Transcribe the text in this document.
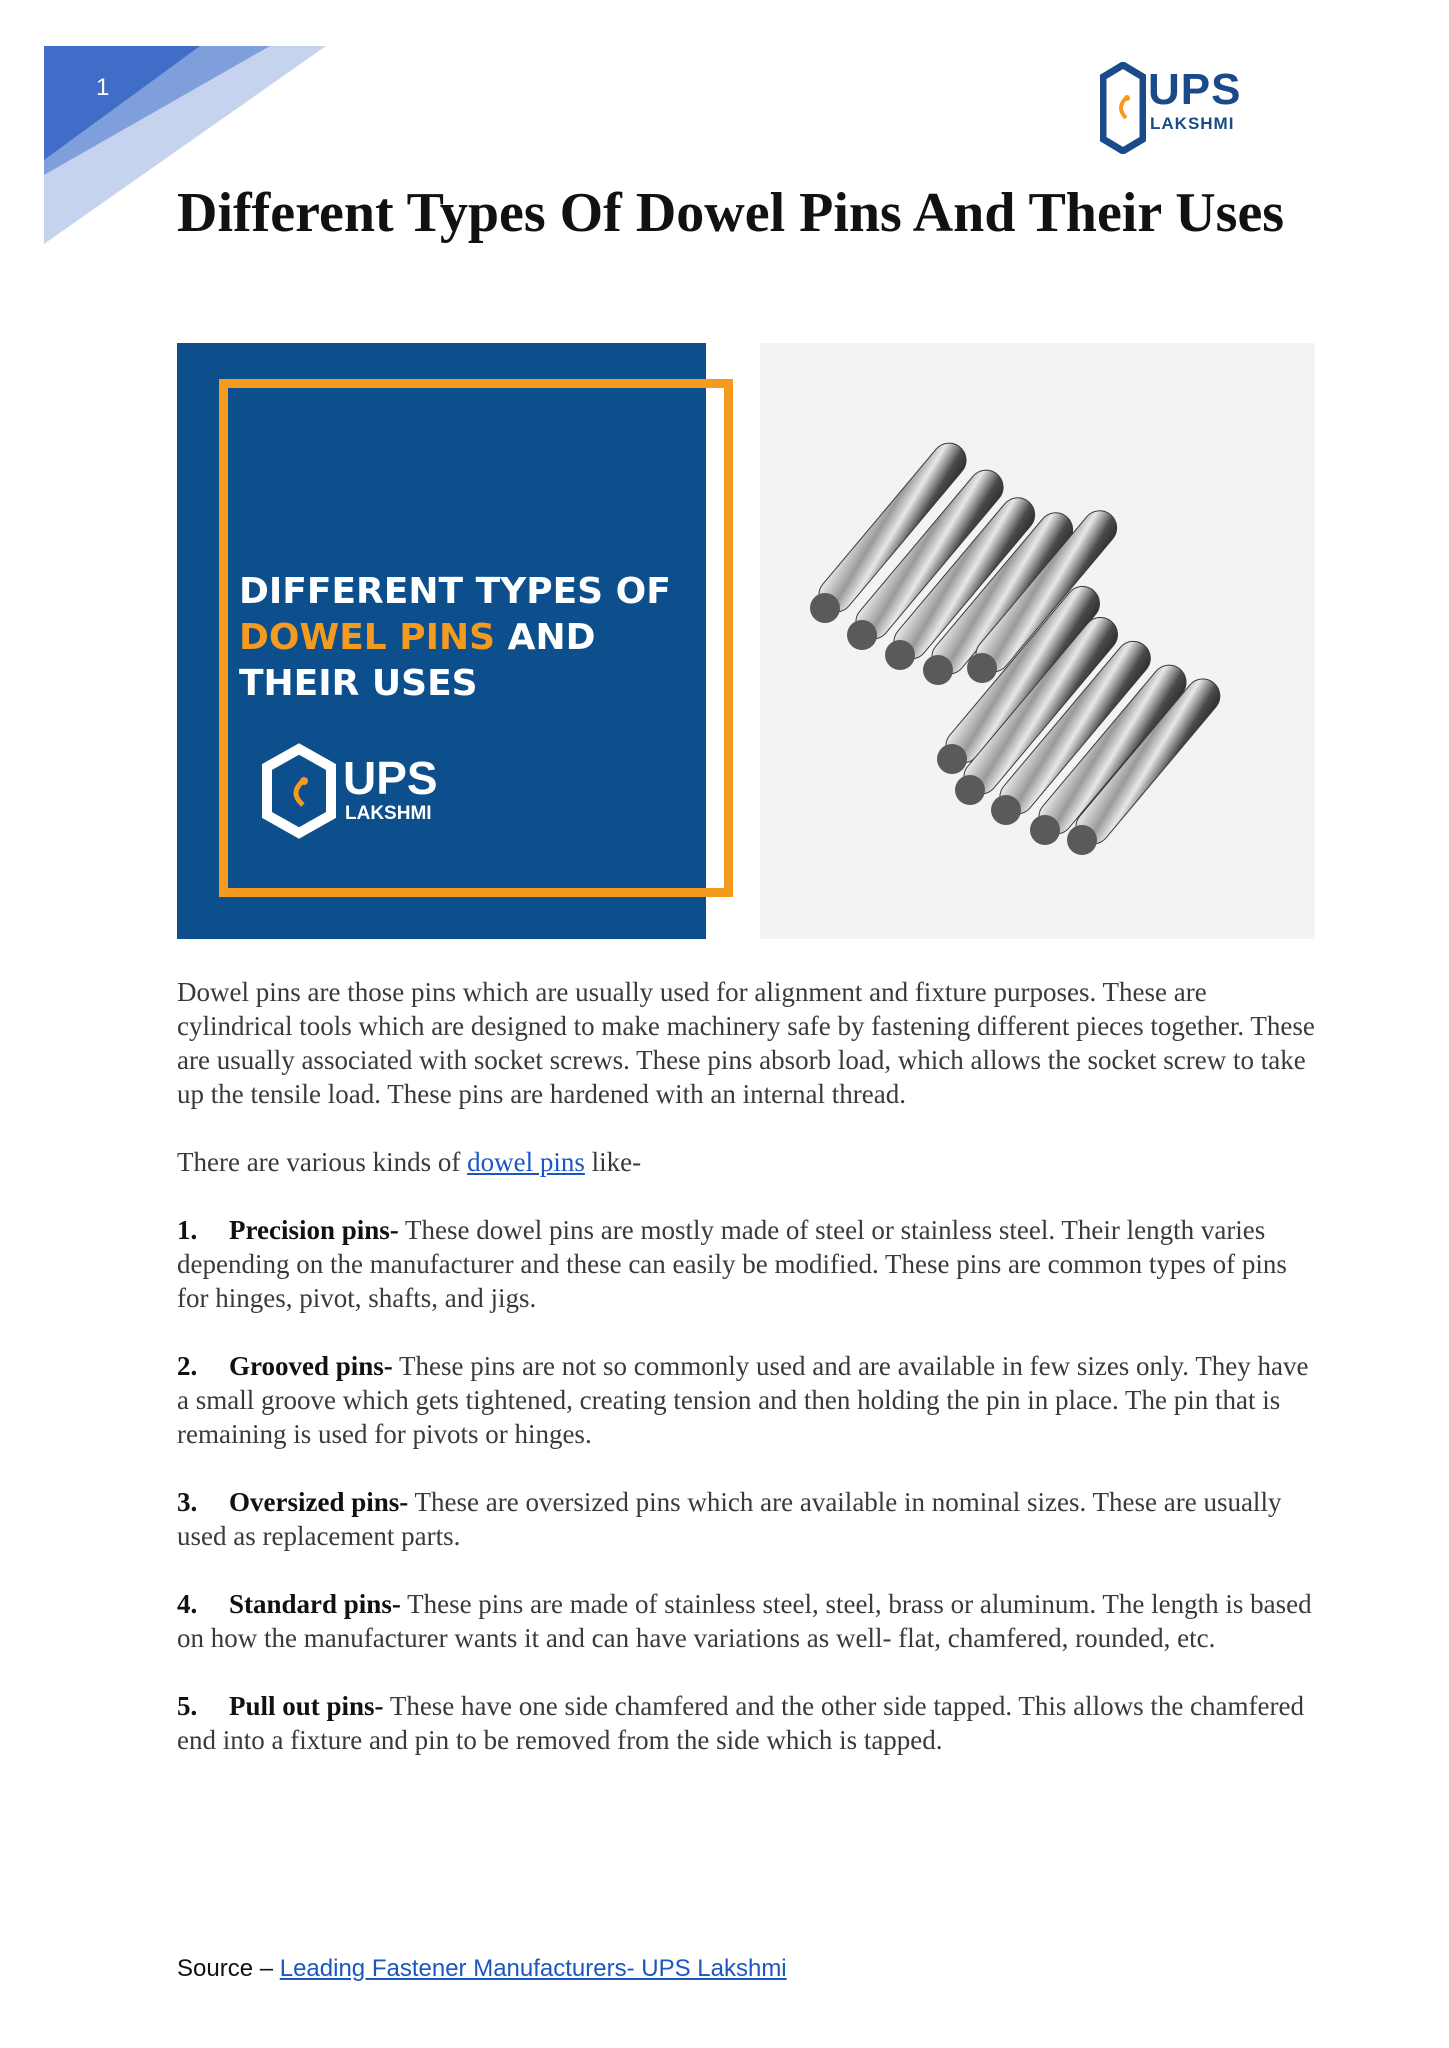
1	UPS
LAKSHMI
Different Types Of Dowel Pins And Their Uses
DIFFERENT TYPES OF
DOWEL PINS AND
THEIR USES
UPS
LAKSHMI

Dowel pins are those pins which are usually used for alignment and fixture purposes. These are cylindrical tools which are designed to make machinery safe by fastening different pieces together. These are usually associated with socket screws. These pins absorb load, which allows the socket screw to take up the tensile load. These pins are hardened with an internal thread.

There are various kinds of dowel pins like-

1. Precision pins- These dowel pins are mostly made of steel or stainless steel. Their length varies depending on the manufacturer and these can easily be modified. These pins are common types of pins for hinges, pivot, shafts, and jigs.

2. Grooved pins- These pins are not so commonly used and are available in few sizes only. They have a small groove which gets tightened, creating tension and then holding the pin in place. The pin that is remaining is used for pivots or hinges.

3. Oversized pins- These are oversized pins which are available in nominal sizes. These are usually used as replacement parts.

4. Standard pins- These pins are made of stainless steel, steel, brass or aluminum. The length is based on how the manufacturer wants it and can have variations as well- flat, chamfered, rounded, etc.

5. Pull out pins- These have one side chamfered and the other side tapped. This allows the chamfered end into a fixture and pin to be removed from the side which is tapped.

Source – Leading Fastener Manufacturers- UPS Lakshmi
